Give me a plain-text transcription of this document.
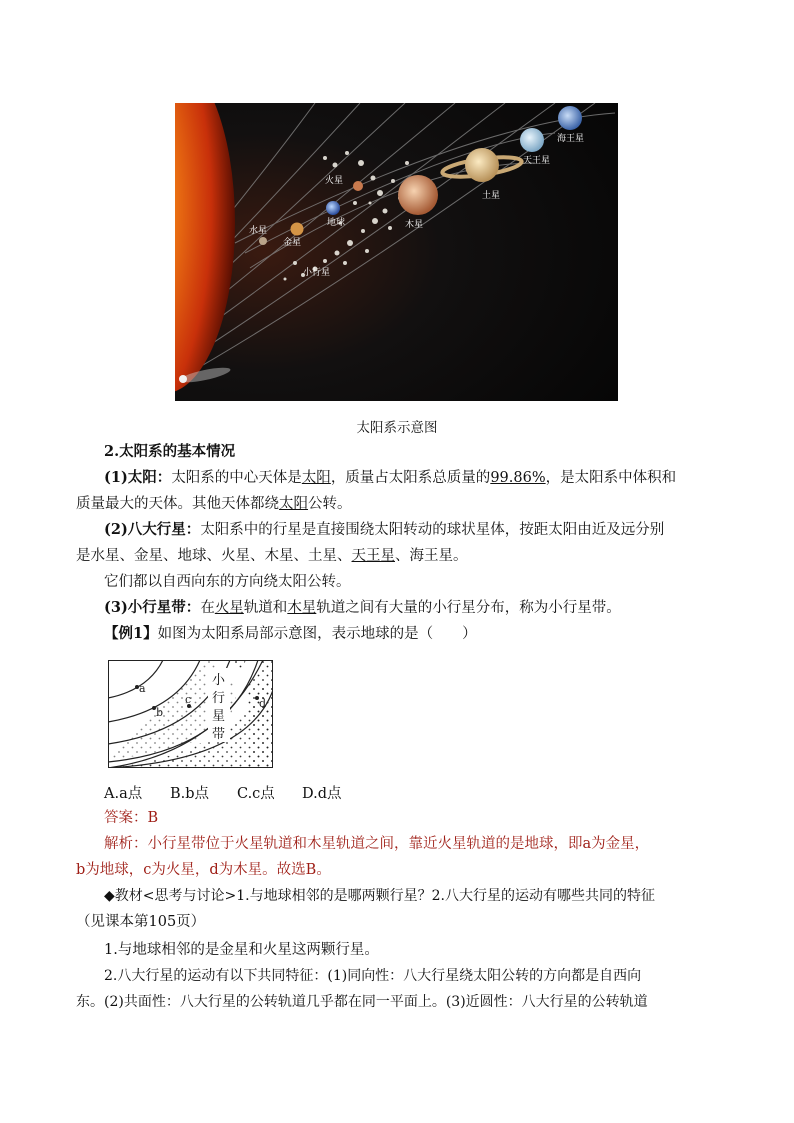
水星
金星
地球
火星
小行星
木星
土星
天王星
海王星
太阳系示意图
2.太阳系的基本情况
(1)太阳：太阳系的中心天体是太阳，质量占太阳系总质量的99.86%，是太阳系中体积和
质量最大的天体。其他天体都绕太阳公转。
(2)八大行星：太阳系中的行星是直接围绕太阳转动的球状星体，按距太阳由近及远分别
是水星、金星、地球、火星、木星、土星、天王星、海王星。
它们都以自西向东的方向绕太阳公转。
(3)小行星带：在火星轨道和木星轨道之间有大量的小行星分布，称为小行星带。
【例1】如图为太阳系局部示意图，表示地球的是（　　）
a
b
c	d
小
行
星
带
A.a点 B.b点 C.c点 D.d点
答案：B
解析：小行星带位于火星轨道和木星轨道之间，靠近火星轨道的是地球，即a为金星，
b为地球，c为火星，d为木星。故选B。
◆教材<思考与讨论>1.与地球相邻的是哪两颗行星？2.八大行星的运动有哪些共同的特征
（见课本第105页）
1.与地球相邻的是金星和火星这两颗行星。
2.八大行星的运动有以下共同特征：(1)同向性：八大行星绕太阳公转的方向都是自西向
东。(2)共面性：八大行星的公转轨道几乎都在同一平面上。(3)近圆性：八大行星的公转轨道
